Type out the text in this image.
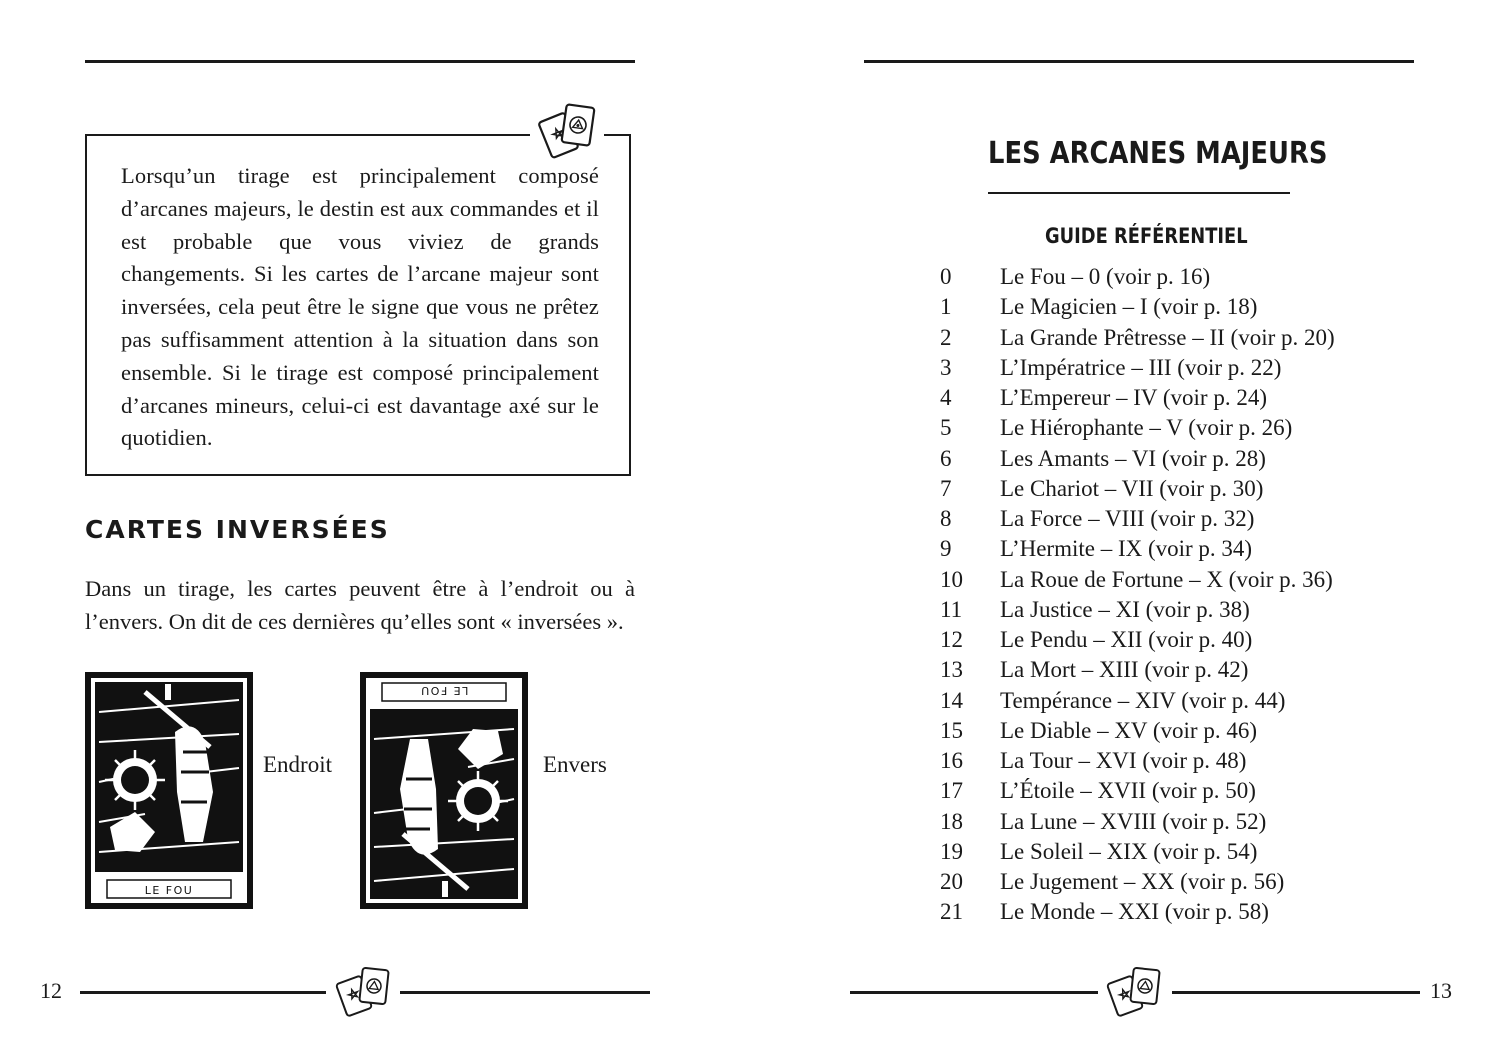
Lorsqu’un tirage est principalement composé d’arcanes majeurs, le destin est aux commandes et il est probable que vous viviez de grands changements. Si les cartes de l’arcane majeur sont inversées, cela peut être le signe que vous ne prêtez pas suffisamment attention à la situation dans son ensemble. Si le tirage est composé principalement d’arcanes mineurs, celui-ci est davantage axé sur le quotidien.
CARTES INVERSÉES
Dans un tirage, les cartes peuvent être à l’endroit ou à l’envers. On dit de ces dernières qu’elles sont « inversées ».
LE FOU
Endroit
LE FOU
Envers
12
LES ARCANES MAJEURS
GUIDE RÉFÉRENTIEL
0 Le Fou – 0 (voir p. 16)
1 Le Magicien – I (voir p. 18)
2 La Grande Prêtresse – II (voir p. 20)
3 L’Impératrice – III (voir p. 22)
4 L’Empereur – IV (voir p. 24)
5 Le Hiérophante – V (voir p. 26)
6 Les Amants – VI (voir p. 28)
7 Le Chariot – VII (voir p. 30)
8 La Force – VIII (voir p. 32)
9 L’Hermite – IX (voir p. 34)
10 La Roue de Fortune – X (voir p. 36)
11 La Justice – XI (voir p. 38)
12 Le Pendu – XII (voir p. 40)
13 La Mort – XIII (voir p. 42)
14 Tempérance – XIV (voir p. 44)
15 Le Diable – XV (voir p. 46)
16 La Tour – XVI (voir p. 48)
17 L’Étoile – XVII (voir p. 50)
18 La Lune – XVIII (voir p. 52)
19 Le Soleil – XIX (voir p. 54)
20 Le Jugement – XX (voir p. 56)
21 Le Monde – XXI (voir p. 58)
13
